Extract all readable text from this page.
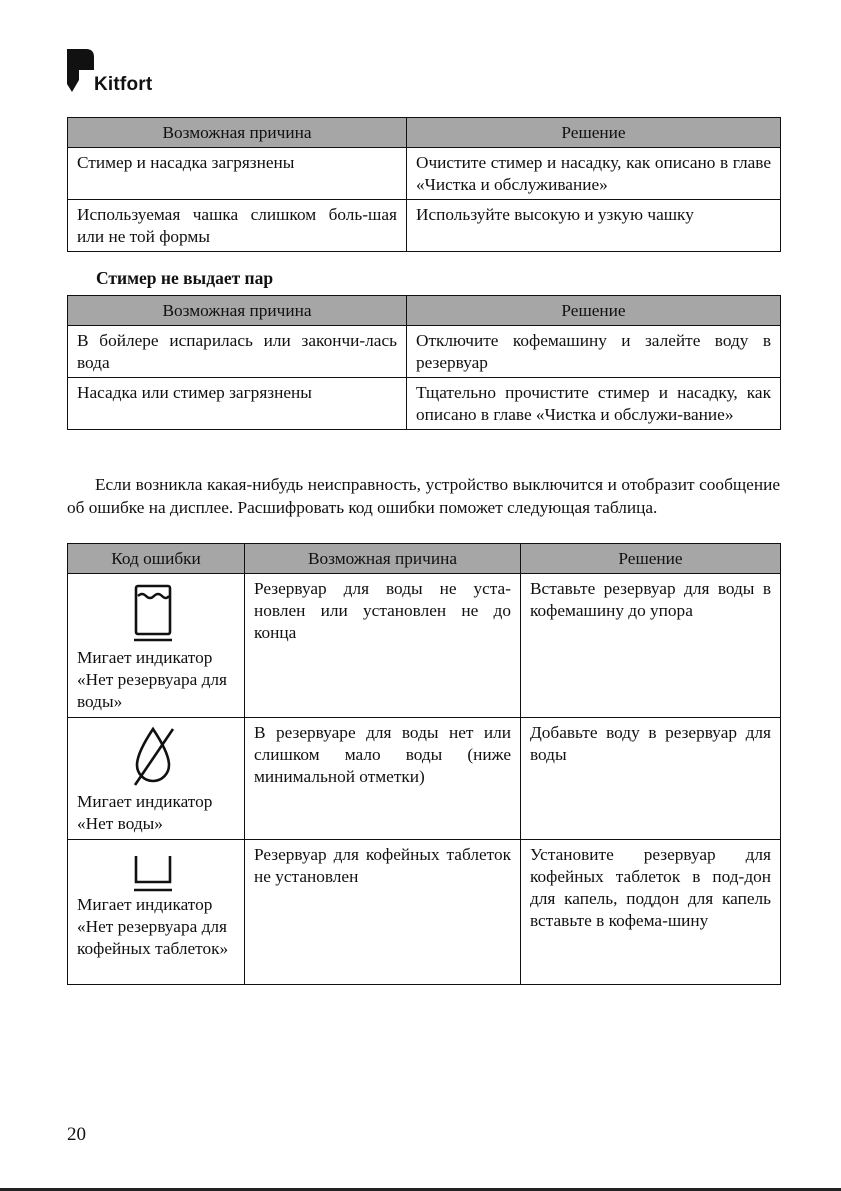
Kitfort
Возможная причина	Решение
Стимер и насадка загрязнены	Очистите стимер и насадку, как описано в главе «Чистка и обслуживание»
Используемая чашка слишком боль-шая или не той формы	Используйте высокую и узкую чашку
Стимер не выдает пар
Возможная причина	Решение
В бойлере испарилась или закончи-лась вода	Отключите кофемашину и залейте воду в резервуар
Насадка или стимер загрязнены	Тщательно прочистите стимер и насадку, как описано в главе «Чистка и обслужи-вание»

Если возникла какая-нибудь неисправность, устройство выключится и отобразит сообщение об ошибке на дисплее. Расшифровать код ошибки поможет следующая таблица.

Код ошибки	Возможная причина	Решение

Мигает индикатор «Нет резервуара для воды»	Резервуар для воды не уста-новлен или установлен не до конца	Вставьте резервуар для воды в кофемашину до упора

Мигает индикатор «Нет воды»	В резервуаре для воды нет или слишком мало воды (ниже минимальной отметки)	Добавьте воду в резервуар для воды

Мигает индикатор «Нет резервуара для кофейных таблеток»	Резервуар для кофейных таблеток не установлен	Установите резервуар для кофейных таблеток в под-дон для капель, поддон для капель вставьте в кофема-шину
20
